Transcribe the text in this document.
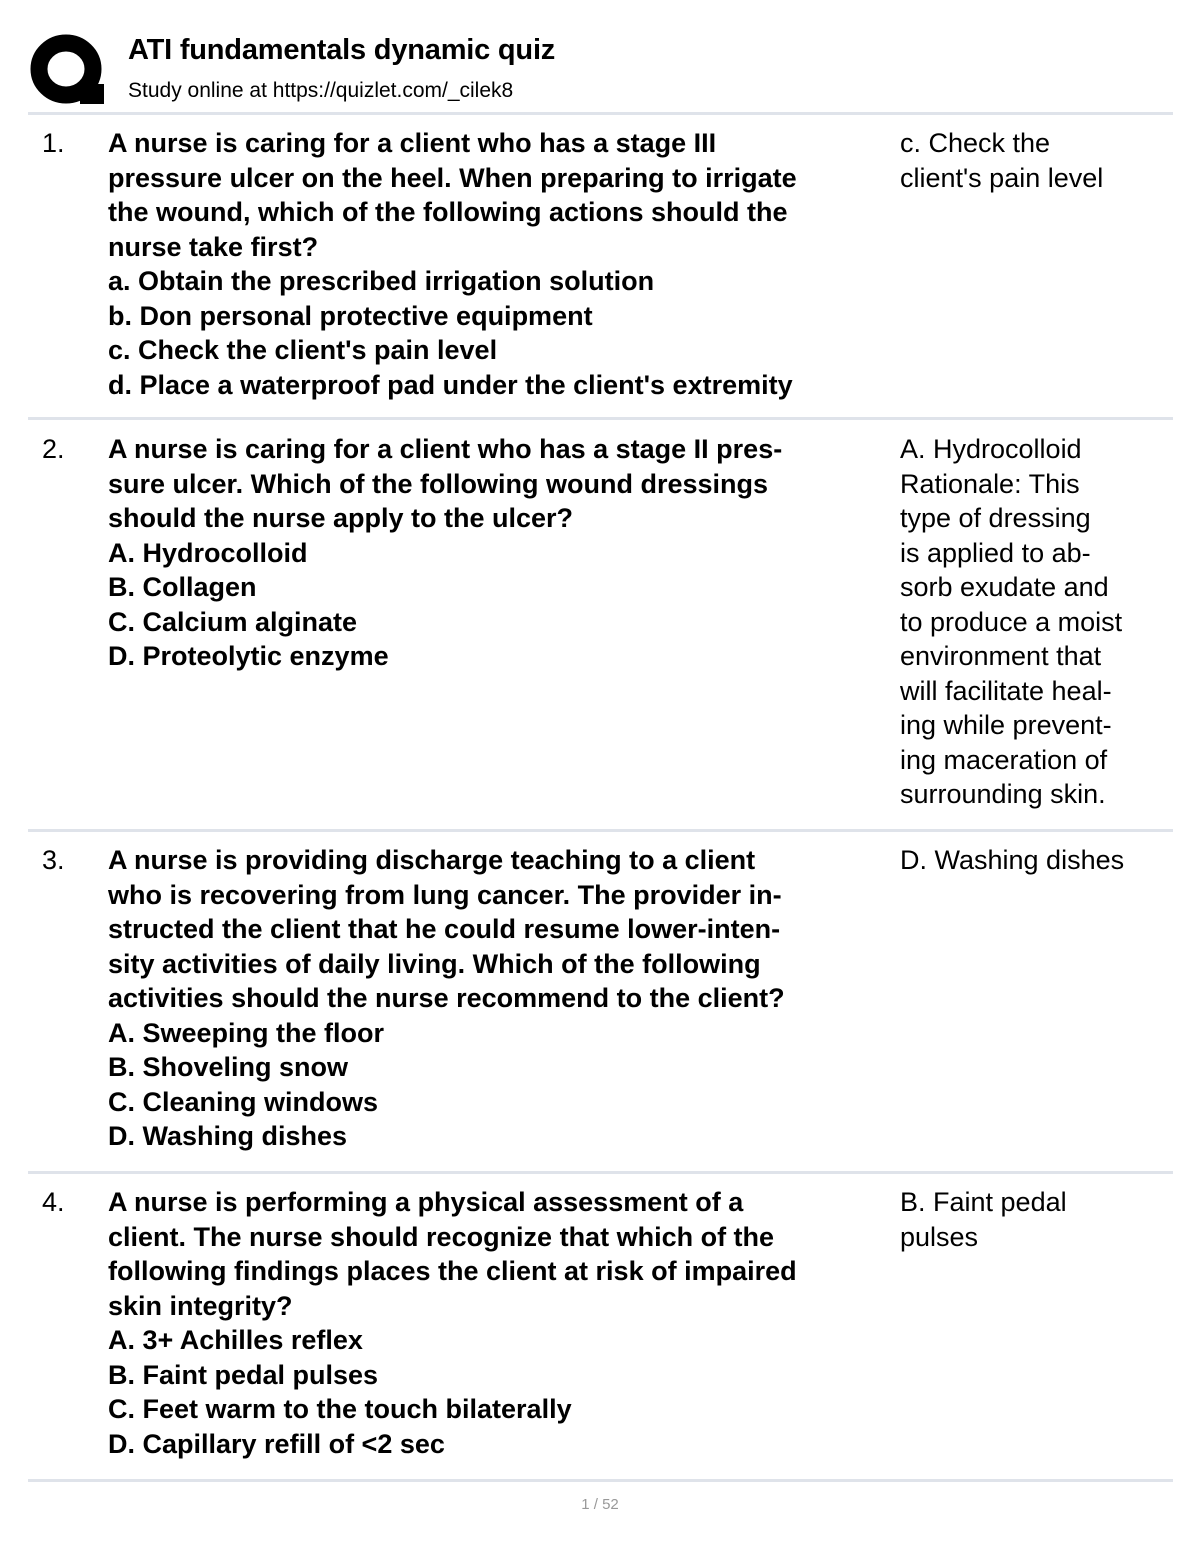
ATI fundamentals dynamic quiz
Study online at https://quizlet.com/_cilek8
1. A nurse is caring for a client who has a stage III
pressure ulcer on the heel. When preparing to irrigate
the wound, which of the following actions should the
nurse take first?
a. Obtain the prescribed irrigation solution
b. Don personal protective equipment
c. Check the client's pain level
d. Place a waterproof pad under the client's extremity
c. Check the
client's pain level
2. A nurse is caring for a client who has a stage II pres-
sure ulcer. Which of the following wound dressings
should the nurse apply to the ulcer?
A. Hydrocolloid
B. Collagen
C. Calcium alginate
D. Proteolytic enzyme
A. Hydrocolloid
Rationale: This
type of dressing
is applied to ab-
sorb exudate and
to produce a moist
environment that
will facilitate heal-
ing while prevent-
ing maceration of
surrounding skin.
3. A nurse is providing discharge teaching to a client
who is recovering from lung cancer. The provider in-
structed the client that he could resume lower-inten-
sity activities of daily living. Which of the following
activities should the nurse recommend to the client?
A. Sweeping the floor
B. Shoveling snow
C. Cleaning windows
D. Washing dishes
D. Washing dishes
4. A nurse is performing a physical assessment of a
client. The nurse should recognize that which of the
following findings places the client at risk of impaired
skin integrity?
A. 3+ Achilles reflex
B. Faint pedal pulses
C. Feet warm to the touch bilaterally
D. Capillary refill of <2 sec
B. Faint pedal
pulses
1 / 52
